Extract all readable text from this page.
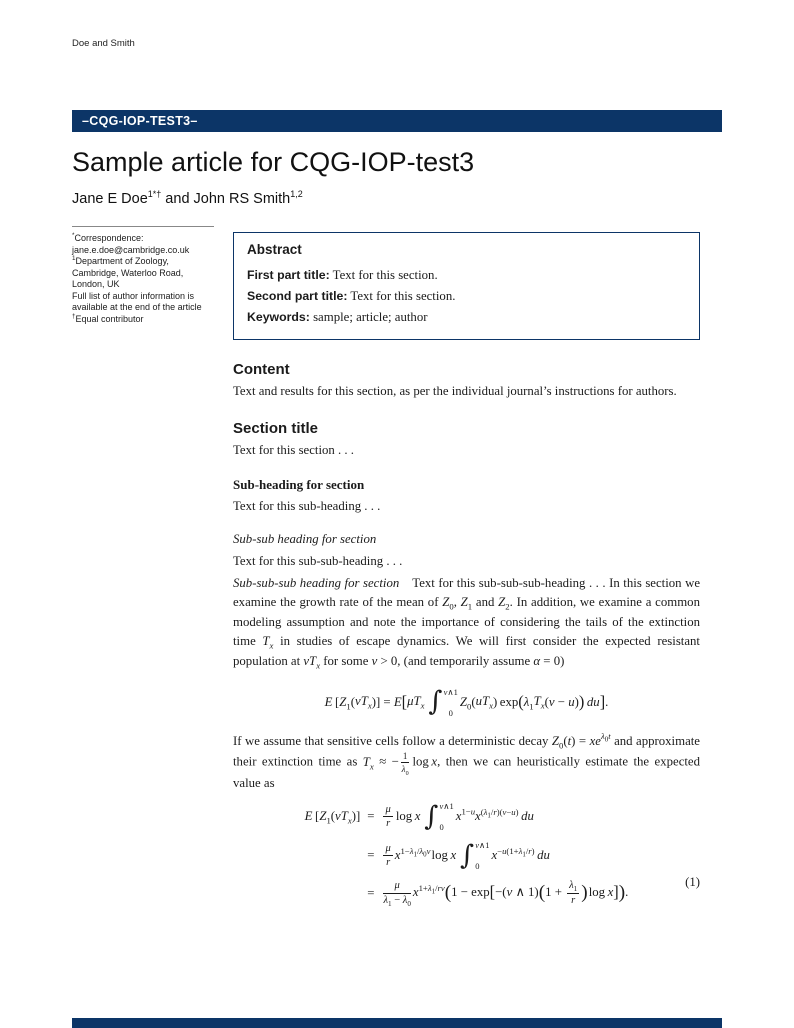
Doe and Smith
–CQG-IOP-TEST3–
Sample article for CQG-IOP-test3
Jane E Doe$^{1*\dagger}$ and John RS Smith$^{1,2}$
*Correspondence:
jane.e.doe@cambridge.co.uk
$^1$Department of Zoology,
Cambridge, Waterloo Road,
London, UK
Full list of author information is
available at the end of the article
†Equal contributor
Abstract
First part title: Text for this section.
Second part title: Text for this section.
Keywords: sample; article; author
Content

Text and results for this section, as per the individual journal’s instructions for authors.

Section title

Text for this section . . .

Sub-heading for section

Text for this sub-heading . . .

Sub-sub heading for section

Text for this sub-sub-heading . . .

Sub-sub-sub heading for section Text for this sub-sub-sub-heading . . . In this section we examine the growth rate of the mean of $Z_0$, $Z_1$ and $Z_2$. In addition, we examine a common modeling assumption and note the importance of considering the tails of the extinction time $T_x$ in studies of escape dynamics. We will first consider the expected resistant population at $vT_x$ for some v > 0, (and temporarily assume α = 0)

E $[Z_1(vT_x)] = E[\mu T_x$ ∫ v∧1
0
$Z_0(uT_x) \exp(\lambda_1T_x(v - u))$  du].

If we assume that sensitive cells follow a deterministic decay $Z_0(t) = xe^{\lambda_0t}$ and approximate their extinction time as $T_x$ ≈ − $\frac{1}{\lambda_0}$  log x, then we can heuristically estimate the expected value as

E $[Z_1(vT_x)] = \frac{\mu}{r}$  log x ∫ v∧1
0
$x^{1-u}x^{(\lambda_1/r)(v-u)}$  du
= $\frac{\mu}{r} x^{1-\lambda_1/\lambda_0v}$ log x ∫ v∧1
0
$x^{-u(1+\lambda_1/r)}$  du
= $\frac{\mu}{\lambda_1 - \lambda_0} x^{1+\lambda_1/rv}(1 - \exp[-(v$ ∧ $1)(1 + \frac{\lambda_1}{r}$ ) log x]).
(1)
